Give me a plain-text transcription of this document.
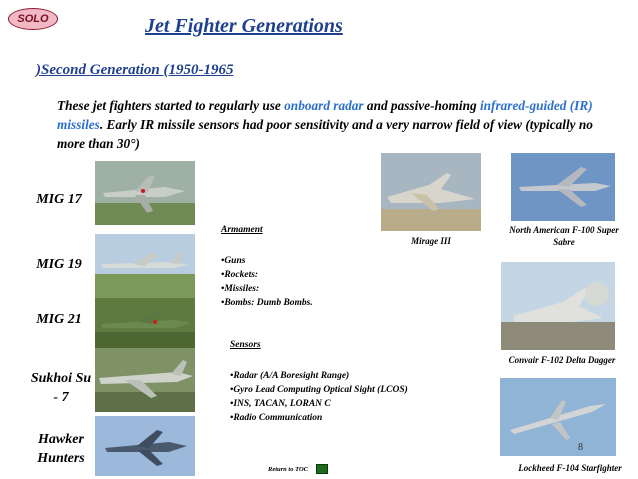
SOLO	Jet Fighter Generations
)Second Generation (1950-1965
These jet fighters started to regularly use onboard radar and passive-homing infrared-guided (IR) missiles. Early IR missile sensors had poor sensitivity and a very narrow field of view (typically no more than 30°)
MIG 17
MIG 19
MIG 21
Sukhoi Su - 7
Hawker Hunters
Armament
•Guns
•Rockets:
•Missiles:
•Bombs: Dumb Bombs.
Sensors
•Radar (A/A Boresight Range)
•Gyro Lead Computing Optical Sight (LCOS)
•INS, TACAN, LORAN C
•Radio Communication
Mirage III
North American F-100 Super Sabre
Convair F-102 Delta Dagger
Lockheed F-104 Starfighter
Return to TOC
8
